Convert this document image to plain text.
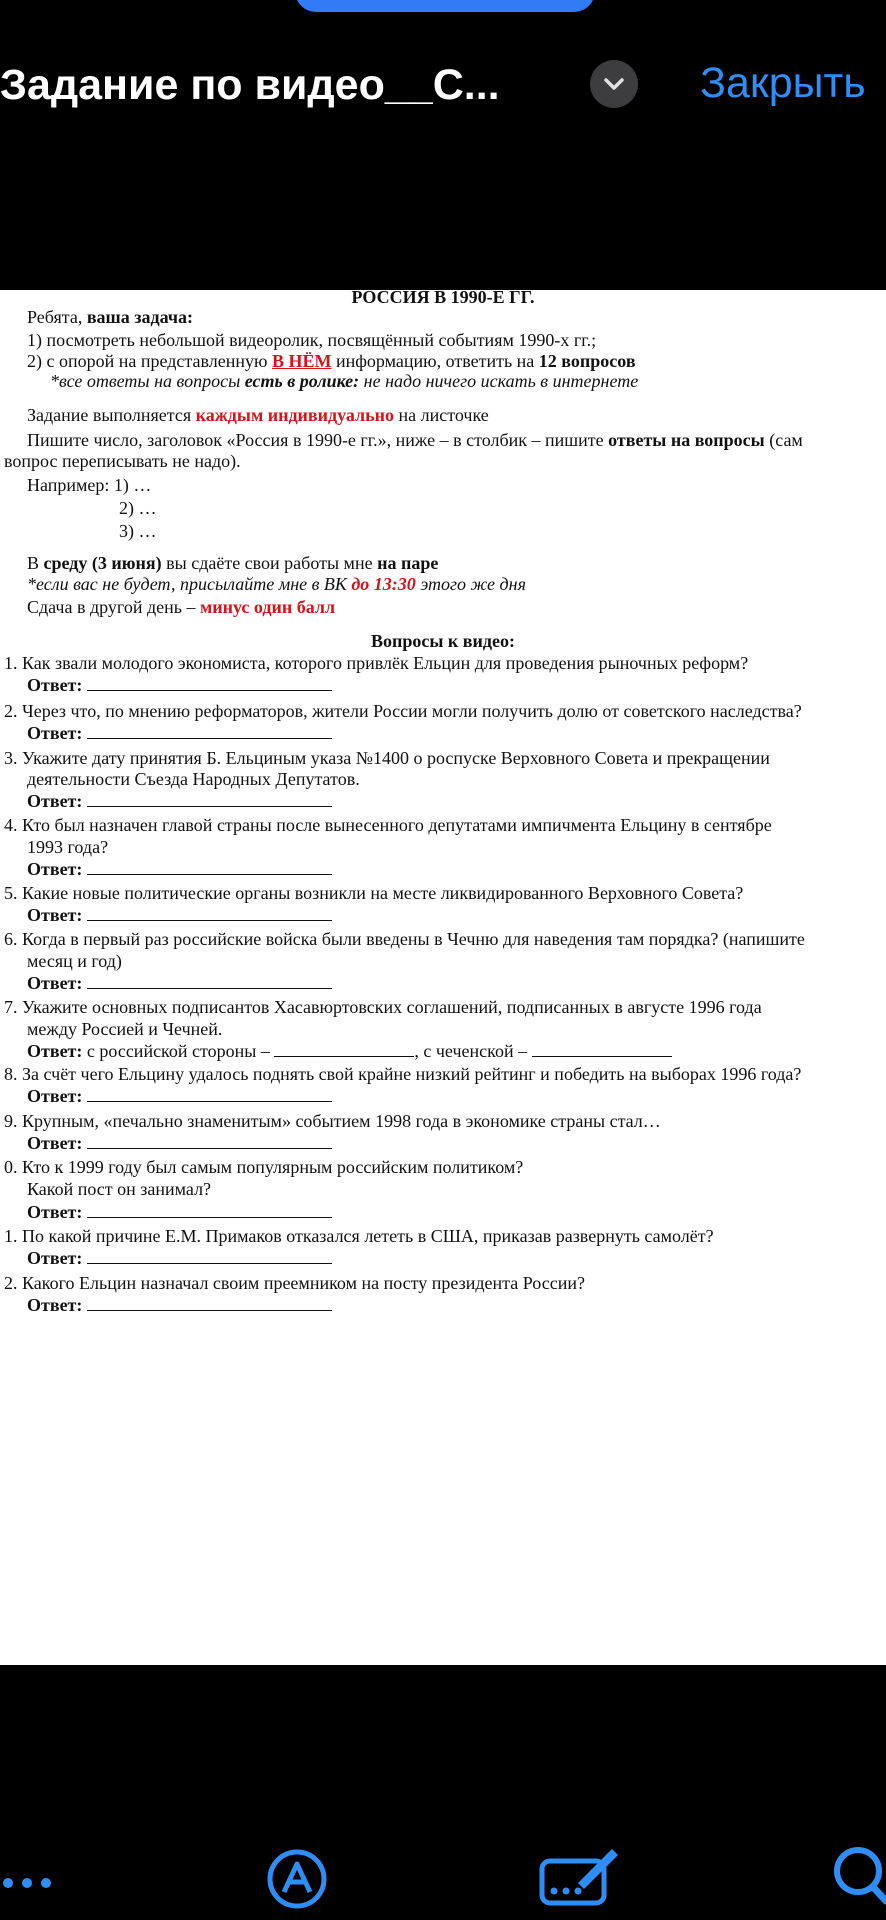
Задание по видео__С...	Закрыть
РОССИЯ В 1990-Е ГГ.
Ребята, ваша задача:
1) посмотреть небольшой видеоролик, посвящённый событиям 1990-х гг.;
2) с опорой на представленную В НЁМ информацию, ответить на 12 вопросов
*все ответы на вопросы есть в ролике: не надо ничего искать в интернете
Задание выполняется каждым индивидуально на листочке
Пишите число, заголовок «Россия в 1990-е гг.», ниже – в столбик – пишите ответы на вопросы (сам
вопрос переписывать не надо).
Например: 1) …
2) …
3) …
В среду (3 июня) вы сдаёте свои работы мне на паре
*если вас не будет, присылайте мне в ВК до 13:30 этого же дня
Сдача в другой день – минус один балл
Вопросы к видео:
1. Как звали молодого экономиста, которого привлёк Ельцин для проведения рыночных реформ?
Ответ:
2. Через что, по мнению реформаторов, жители России могли получить долю от советского наследства?
Ответ:
3. Укажите дату принятия Б. Ельциным указа №1400 о роспуске Верховного Совета и прекращении
деятельности Съезда Народных Депутатов.
Ответ:
4. Кто был назначен главой страны после вынесенного депутатами импичмента Ельцину в сентябре
1993 года?
Ответ:
5. Какие новые политические органы возникли на месте ликвидированного Верховного Совета?
Ответ:
6. Когда в первый раз российские войска были введены в Чечню для наведения там порядка? (напишите
месяц и год)
Ответ:
7. Укажите основных подписантов Хасавюртовских соглашений, подписанных в августе 1996 года
между Россией и Чечней.
Ответ: с российской стороны –	, с чеченской –
8. За счёт чего Ельцину удалось поднять свой крайне низкий рейтинг и победить на выборах 1996 года?
Ответ:
9. Крупным, «печально знаменитым» событием 1998 года в экономике страны стал…
Ответ:
0. Кто к 1999 году был самым популярным российским политиком?
Какой пост он занимал?
Ответ:
1. По какой причине Е.М. Примаков отказался лететь в США, приказав развернуть самолёт?
Ответ:
2. Какого Ельцин назначал своим преемником на посту президента России?
Ответ:
